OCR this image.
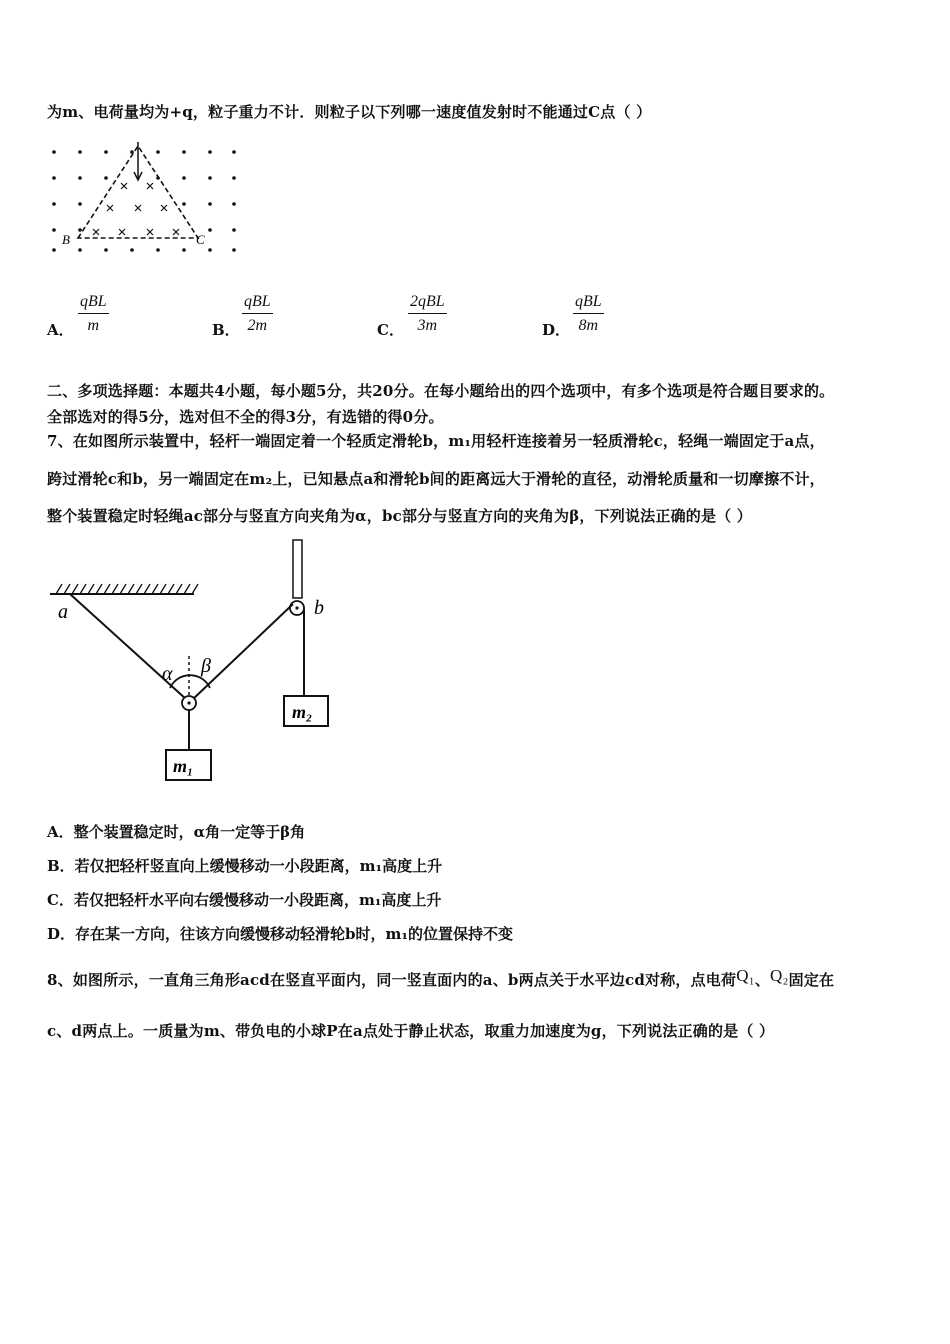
为m、电荷量均为+q，粒子重力不计．则粒子以下列哪一速度值发射时不能通过C点（ ）
B	C
A．
qBL
m	B．
qBL
2m	C．
2qBL
3m	D．
qBL
8m
二、多项选择题：本题共4小题，每小题5分，共20分。在每小题给出的四个选项中，有多个选项是符合题目要求的。
全部选对的得5分，选对但不全的得3分，有选错的得0分。
7、在如图所示装置中，轻杆一端固定着一个轻质定滑轮b，m₁用轻杆连接着另一轻质滑轮c，轻绳一端固定于a点，
跨过滑轮c和b，另一端固定在m₂上，已知悬点a和滑轮b间的距离远大于滑轮的直径，动滑轮质量和一切摩擦不计，
整个装置稳定时轻绳ac部分与竖直方向夹角为α，bc部分与竖直方向的夹角为β，下列说法正确的是（ ）
a	b
α β
m₁
m₂
A．整个装置稳定时，α角一定等于β角
B．若仅把轻杆竖直向上缓慢移动一小段距离，m₁高度上升
C．若仅把轻杆水平向右缓慢移动一小段距离，m₁高度上升
D．存在某一方向，往该方向缓慢移动轻滑轮b时，m₁的位置保持不变
8、如图所示，一直角三角形acd在竖直平面内，同一竖直面内的a、b两点关于水平边cd对称，点电荷Q₁、Q₂固定在
c、d两点上。一质量为m、带负电的小球P在a点处于静止状态，取重力加速度为g，下列说法正确的是（ ）
